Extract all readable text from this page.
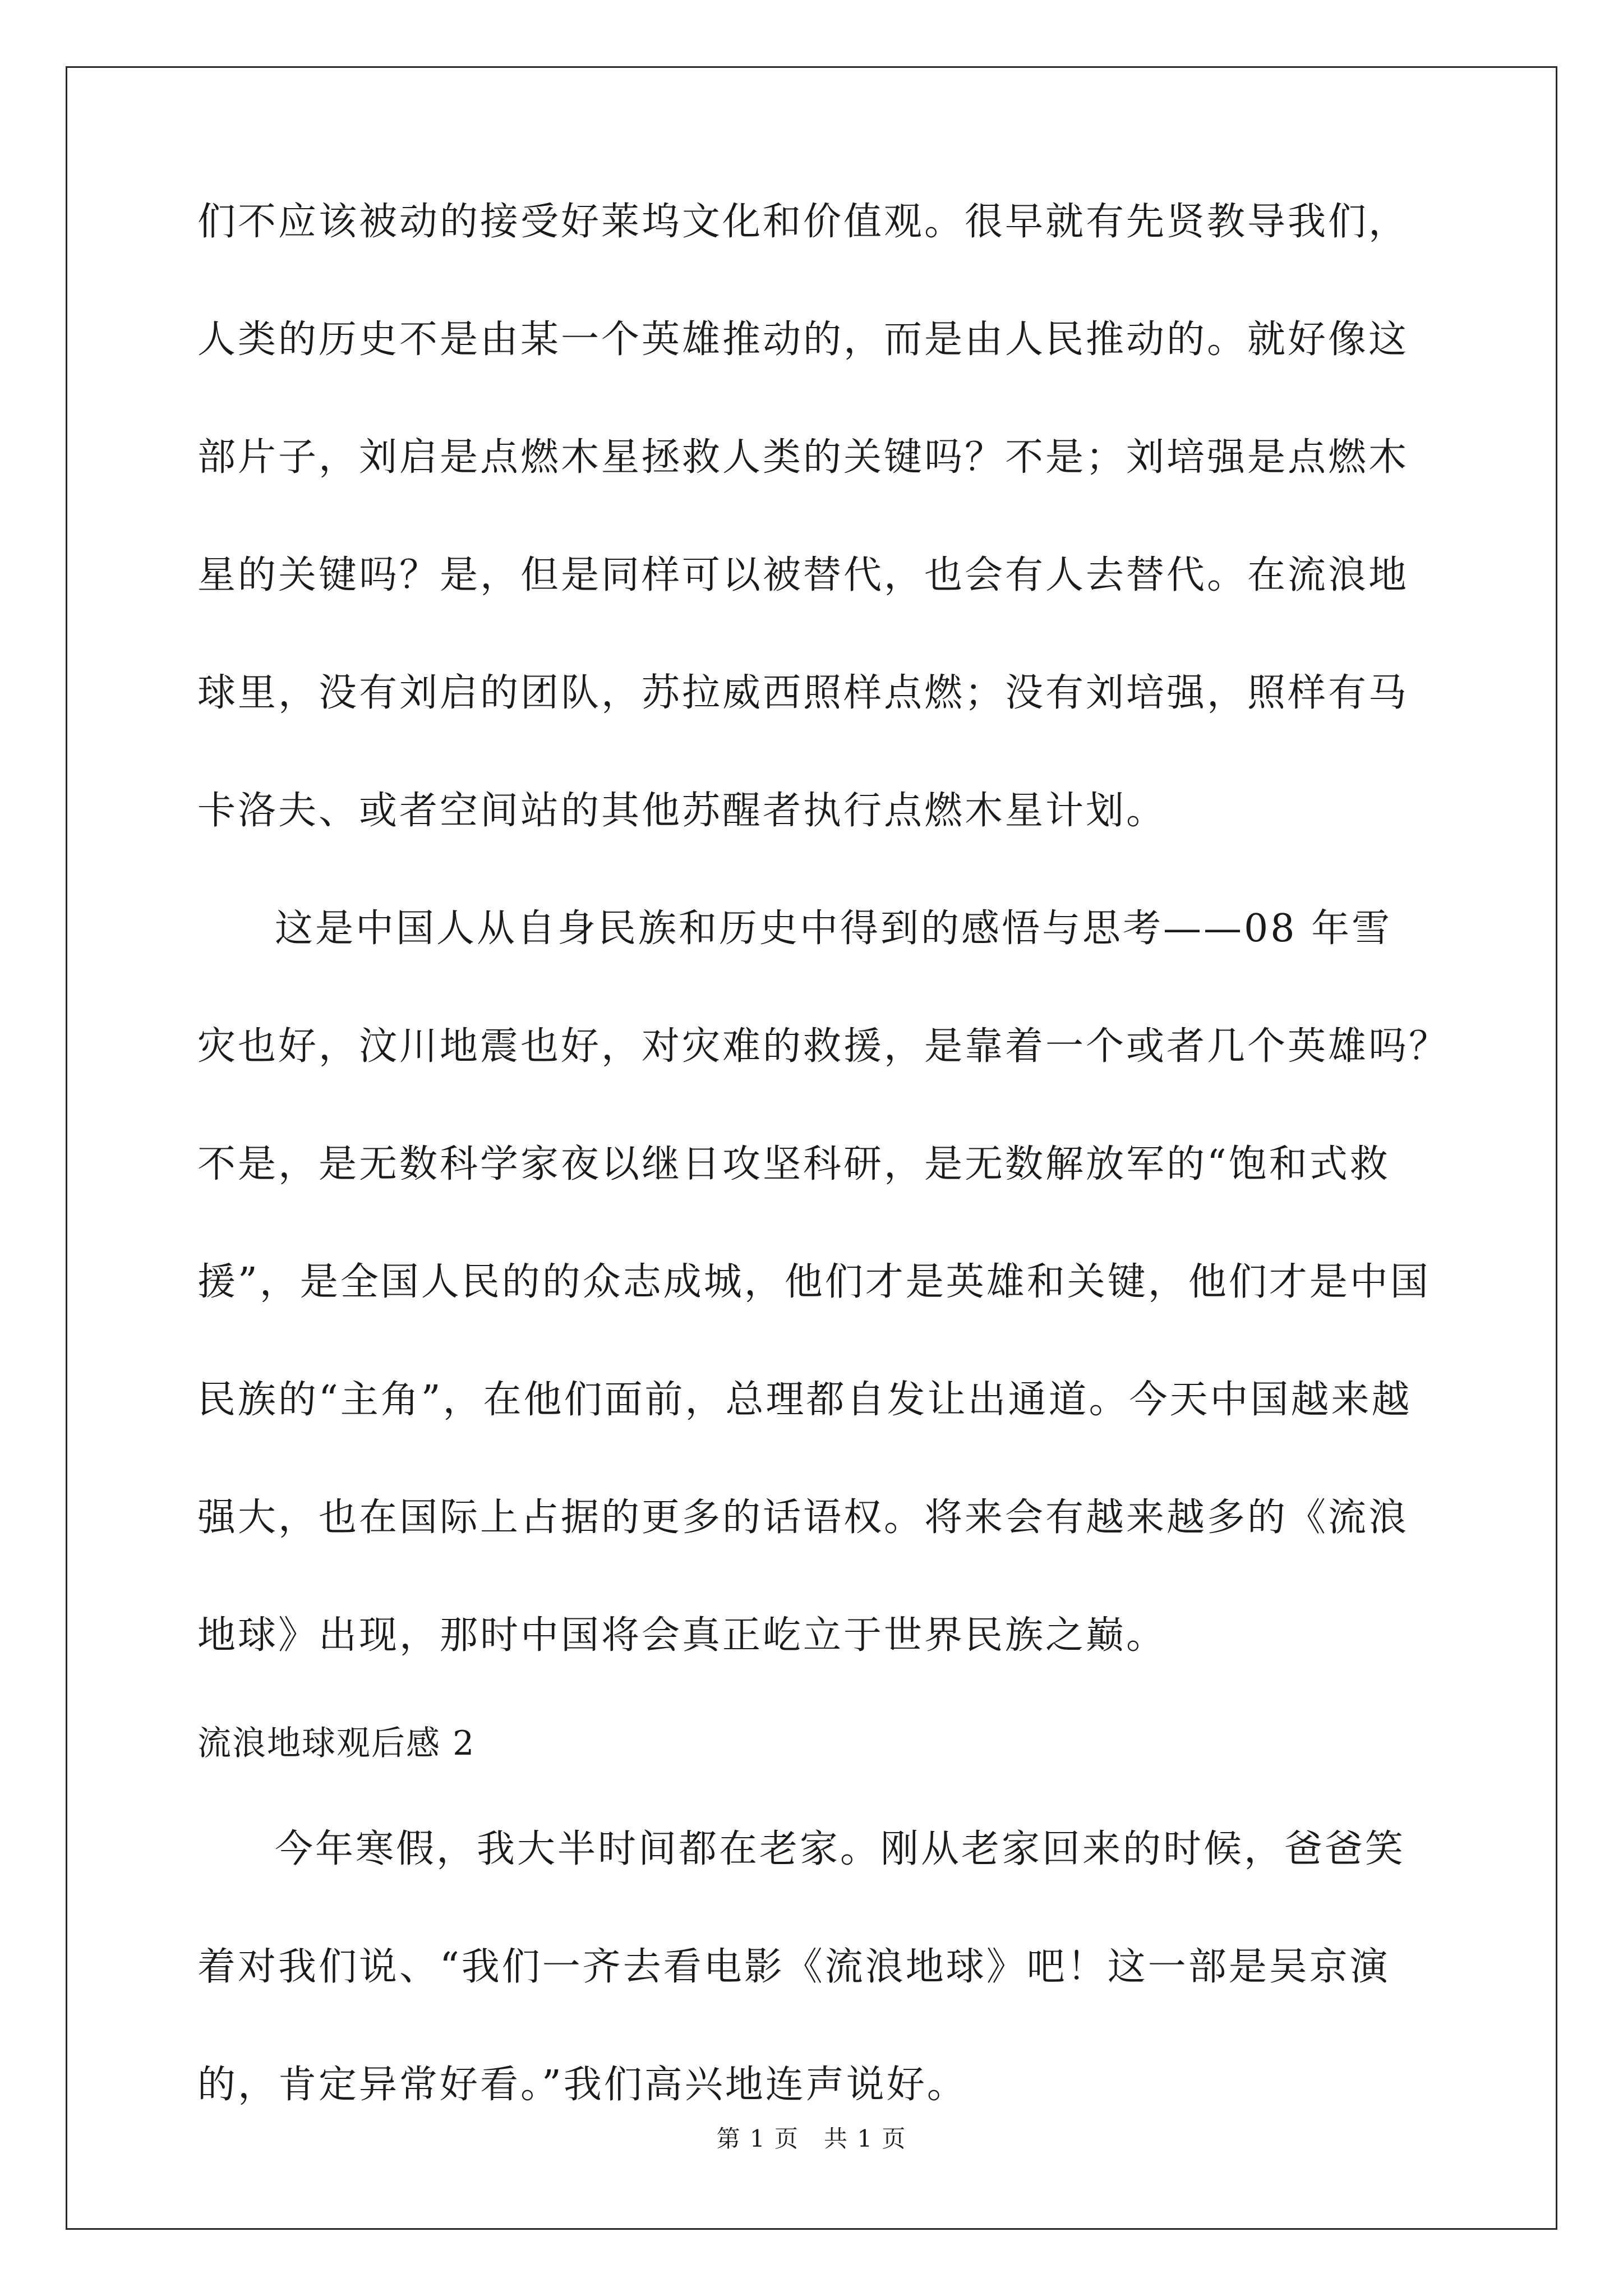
们不应该被动的接受好莱坞文化和价值观。很早就有先贤教导我们，
人类的历史不是由某一个英雄推动的，而是由人民推动的。就好像这
部片子，刘启是点燃木星拯救人类的关键吗？不是；刘培强是点燃木
星的关键吗？是，但是同样可以被替代，也会有人去替代。在流浪地
球里，没有刘启的团队，苏拉威西照样点燃；没有刘培强，照样有马
卡洛夫、或者空间站的其他苏醒者执行点燃木星计划。
这是中国人从自身民族和历史中得到的感悟与思考——08 年雪
灾也好，汶川地震也好，对灾难的救援，是靠着一个或者几个英雄吗？
不是，是无数科学家夜以继日攻坚科研，是无数解放军的“饱和式救
援”，是全国人民的的众志成城，他们才是英雄和关键，他们才是中国
民族的“主角”，在他们面前，总理都自发让出通道。今天中国越来越
强大，也在国际上占据的更多的话语权。将来会有越来越多的《流浪
地球》出现，那时中国将会真正屹立于世界民族之巅。
流浪地球观后感 2
今年寒假，我大半时间都在老家。刚从老家回来的时候，爸爸笑
着对我们说、“我们一齐去看电影《流浪地球》吧！这一部是吴京演
的，肯定异常好看。”我们高兴地连声说好。
第 1 页　共 1 页
